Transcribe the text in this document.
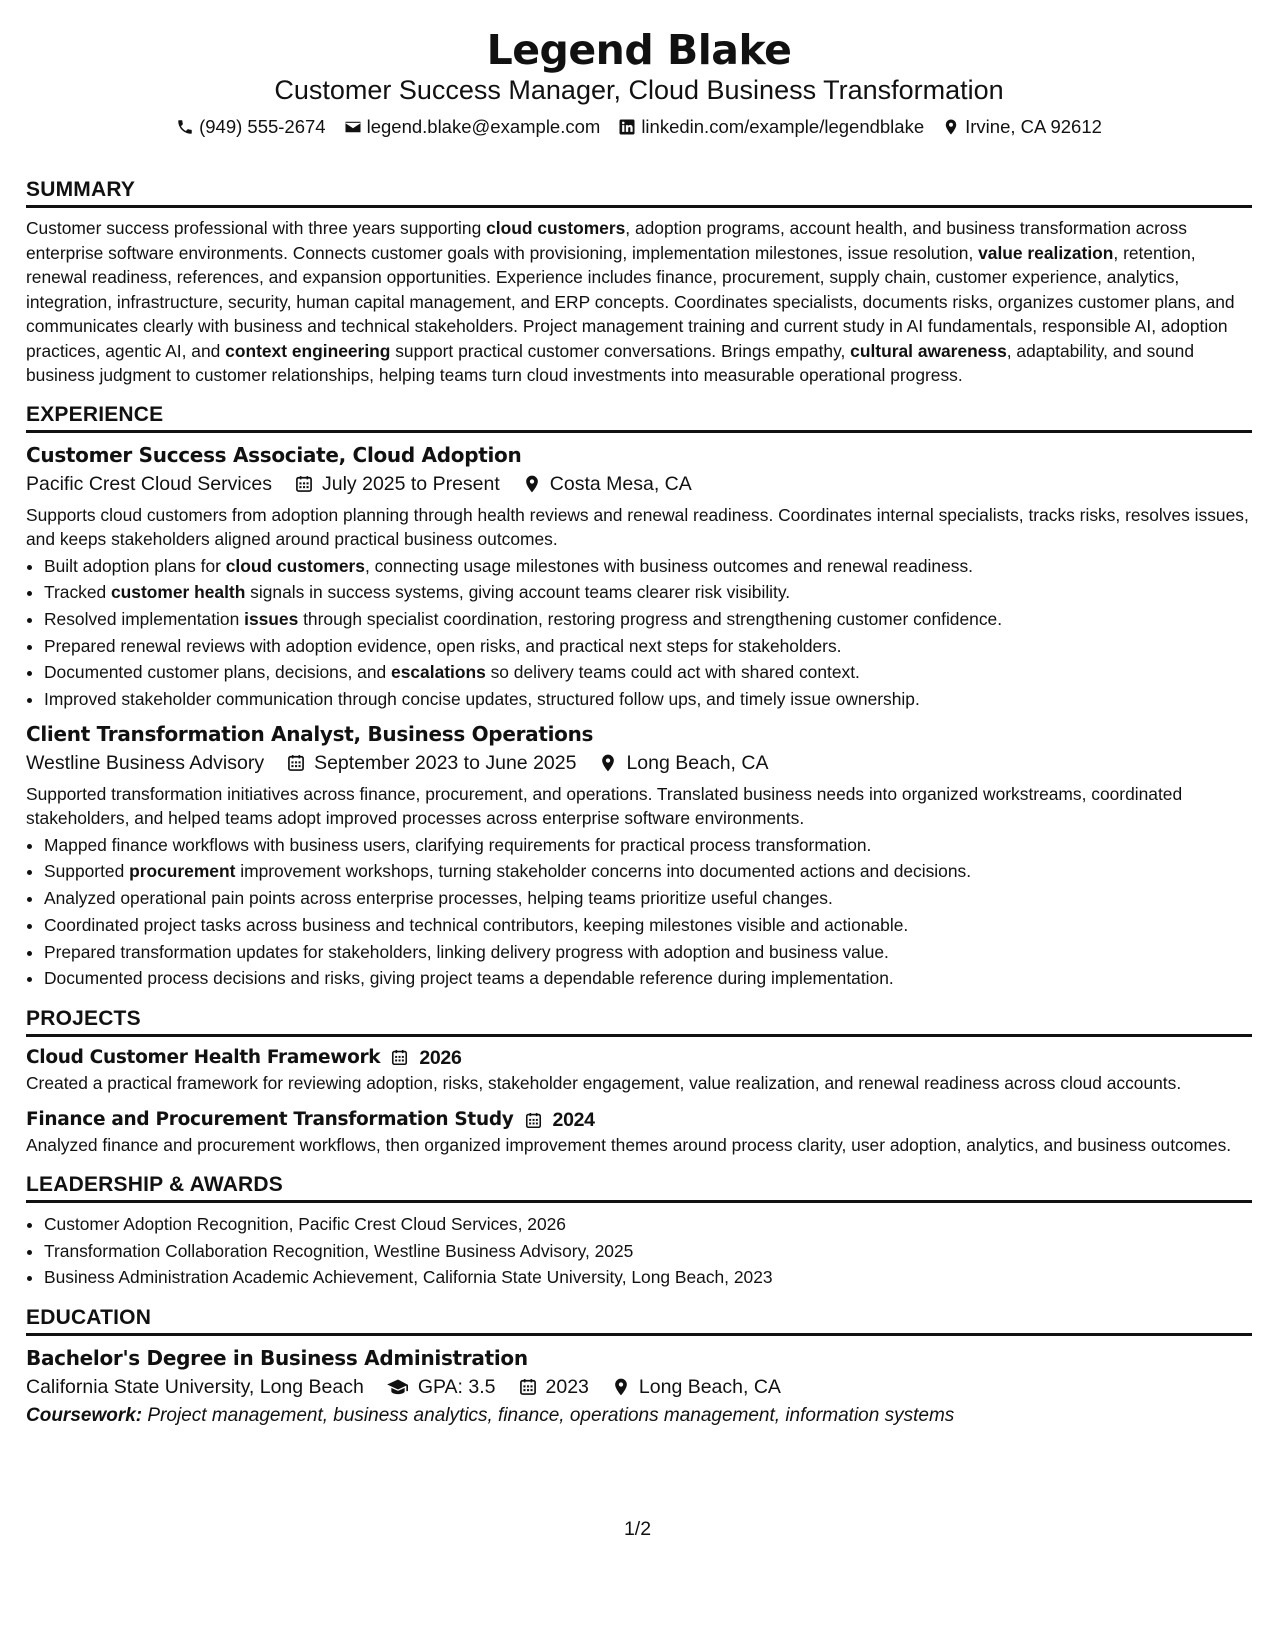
Legend Blake
Customer Success Manager, Cloud Business Transformation
(949) 555-2674 legend.blake@example.com linkedin.com/example/legendblake Irvine, CA 92612
SUMMARY

Customer success professional with three years supporting cloud customers, adoption programs, account health, and business transformation across enterprise software environments. Connects customer goals with provisioning, implementation milestones, issue resolution, value realization, retention, renewal readiness, references, and expansion opportunities. Experience includes finance, procurement, supply chain, customer experience, analytics, integration, infrastructure, security, human capital management, and ERP concepts. Coordinates specialists, documents risks, organizes customer plans, and communicates clearly with business and technical stakeholders. Project management training and current study in AI fundamentals, responsible AI, adoption practices, agentic AI, and context engineering support practical customer conversations. Brings empathy, cultural awareness, adaptability, and sound business judgment to customer relationships, helping teams turn cloud investments into measurable operational progress.

EXPERIENCE
Customer Success Associate, Cloud Adoption
Pacific Crest Cloud Services	July 2025 to Present	Costa Mesa, CA

Supports cloud customers from adoption planning through health reviews and renewal readiness. Coordinates internal specialists, tracks risks, resolves issues, and keeps stakeholders aligned around practical business outcomes.

• Built adoption plans for cloud customers, connecting usage milestones with business outcomes and renewal readiness.
• Tracked customer health signals in success systems, giving account teams clearer risk visibility.
• Resolved implementation issues through specialist coordination, restoring progress and strengthening customer confidence.
• Prepared renewal reviews with adoption evidence, open risks, and practical next steps for stakeholders.
• Documented customer plans, decisions, and escalations so delivery teams could act with shared context.
• Improved stakeholder communication through concise updates, structured follow ups, and timely issue ownership.
Client Transformation Analyst, Business Operations
Westline Business Advisory	September 2023 to June 2025	Long Beach, CA

Supported transformation initiatives across finance, procurement, and operations. Translated business needs into organized workstreams, coordinated stakeholders, and helped teams adopt improved processes across enterprise software environments.

• Mapped finance workflows with business users, clarifying requirements for practical process transformation.
• Supported procurement improvement workshops, turning stakeholder concerns into documented actions and decisions.
• Analyzed operational pain points across enterprise processes, helping teams prioritize useful changes.
• Coordinated project tasks across business and technical contributors, keeping milestones visible and actionable.
• Prepared transformation updates for stakeholders, linking delivery progress with adoption and business value.
• Documented process decisions and risks, giving project teams a dependable reference during implementation.
PROJECTS
Cloud Customer Health Framework 2026

Created a practical framework for reviewing adoption, risks, stakeholder engagement, value realization, and renewal readiness across cloud accounts.

Finance and Procurement Transformation Study 2024

Analyzed finance and procurement workflows, then organized improvement themes around process clarity, user adoption, analytics, and business outcomes.

LEADERSHIP & AWARDS
• Customer Adoption Recognition, Pacific Crest Cloud Services, 2026
• Transformation Collaboration Recognition, Westline Business Advisory, 2025
• Business Administration Academic Achievement, California State University, Long Beach, 2023
EDUCATION
Bachelor's Degree in Business Administration
California State University, Long Beach	GPA: 3.5	2023	Long Beach, CA
Coursework: Project management, business analytics, finance, operations management, information systems
1/2
